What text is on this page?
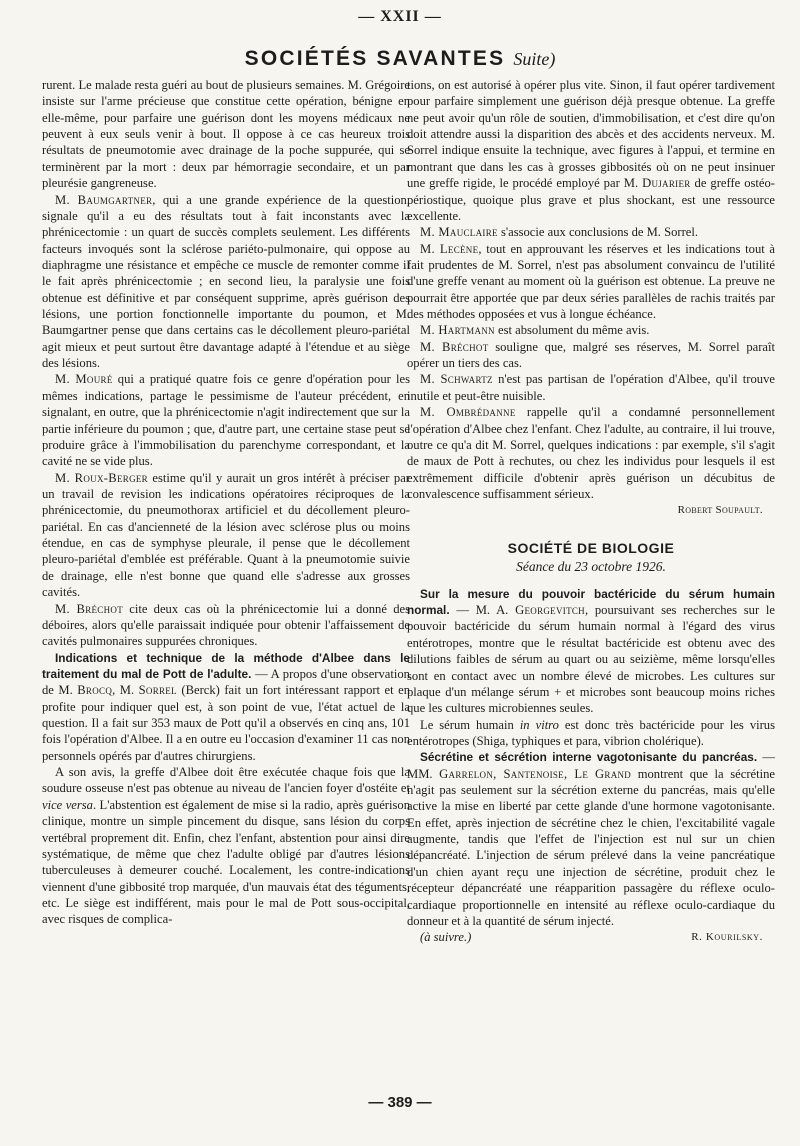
— XXII —
SOCIÉTÉS SAVANTES Suite)

rurent. Le malade resta guéri au bout de plusieurs semaines. M. Grégoire insiste sur l'arme précieuse que constitue cette opération, bénigne en elle-même, pour parfaire une guérison dont les moyens médicaux ne peuvent à eux seuls venir à bout. Il oppose à ce cas heureux trois résultats de pneumotomie avec drainage de la poche suppurée, qui se terminèrent par la mort : deux par hémorragie secondaire, et un par pleurésie gangreneuse.

M. Baumgartner, qui a une grande expérience de la question, signale qu'il a eu des résultats tout à fait inconstants avec la phrénicectomie : un quart de succès complets seulement. Les différents facteurs invoqués sont la sclérose pariéto-pulmonaire, qui oppose au diaphragme une résistance et empêche ce muscle de remonter comme il le fait après phrénicectomie ; en second lieu, la paralysie une fois obtenue est définitive et par conséquent supprime, après guérison des lésions, une portion fonctionnelle importante du poumon, et M. Baumgartner pense que dans certains cas le décollement pleuro-pariétal agit mieux et peut surtout être davantage adapté à l'étendue et au siège des lésions.

M. Mouré qui a pratiqué quatre fois ce genre d'opération pour les mêmes indications, partage le pessimisme de l'auteur précédent, en signalant, en outre, que la phrénicectomie n'agit indirectement que sur la partie inférieure du poumon ; que, d'autre part, une certaine stase peut se produire grâce à l'immobilisation du parenchyme correspondant, et la cavité ne se vide plus.

M. Roux-Berger estime qu'il y aurait un gros intérêt à préciser par un travail de revision les indications opératoires réciproques de la phrénicectomie, du pneumothorax artificiel et du décollement pleuro-pariétal. En cas d'ancienneté de la lésion avec sclérose plus ou moins étendue, en cas de symphyse pleurale, il pense que le décollement pleuro-pariétal d'emblée est préférable. Quant à la pneumotomie suivie de drainage, elle n'est bonne que quand elle s'adresse aux grosses cavités.

M. Bréchot cite deux cas où la phrénicectomie lui a donné des déboires, alors qu'elle paraissait indiquée pour obtenir l'affaissement de cavités pulmonaires suppurées chroniques.

Indications et technique de la méthode d'Albee dans le traitement du mal de Pott de l'adulte. — A propos d'une observation de M. Brocq, M. Sorrel (Berck) fait un fort intéressant rapport et en profite pour indiquer quel est, à son point de vue, l'état actuel de la question. Il a fait sur 353 maux de Pott qu'il a observés en cinq ans, 101 fois l'opération d'Albee. Il a en outre eu l'occasion d'examiner 11 cas non personnels opérés par d'autres chirurgiens.

A son avis, la greffe d'Albee doit être exécutée chaque fois que la soudure osseuse n'est pas obtenue au niveau de l'ancien foyer d'ostéite et vice versa. L'abstention est également de mise si la radio, après guérison clinique, montre un simple pincement du disque, sans lésion du corps vertébral proprement dit. Enfin, chez l'enfant, abstention pour ainsi dire systématique, de même que chez l'adulte obligé par d'autres lésions tuberculeuses à demeurer couché. Localement, les contre-indications viennent d'une gibbosité trop marquée, d'un mauvais état des téguments, etc. Le siège est indifférent, mais pour le mal de Pott sous-occipital, avec risques de complica-

tions, on est autorisé à opérer plus vite. Sinon, il faut opérer tardivement pour parfaire simplement une guérison déjà presque obtenue. La greffe ne peut avoir qu'un rôle de soutien, d'immobilisation, et c'est dire qu'on doit attendre aussi la disparition des abcès et des accidents nerveux. M. Sorrel indique ensuite la technique, avec figures à l'appui, et termine en montrant que dans les cas à grosses gibbosités où on ne peut insinuer une greffe rigide, le procédé employé par M. Dujarier de greffe ostéo-périostique, quoique plus grave et plus shockant, est une ressource excellente.

M. Mauclaire s'associe aux conclusions de M. Sorrel.

M. Lecène, tout en approuvant les réserves et les indications tout à fait prudentes de M. Sorrel, n'est pas absolument convaincu de l'utilité d'une greffe venant au moment où la guérison est obtenue. La preuve ne pourrait être apportée que par deux séries parallèles de rachis traités par des méthodes opposées et vus à longue échéance.

M. Hartmann est absolument du même avis.

M. Bréchot souligne que, malgré ses réserves, M. Sorrel paraît opérer un tiers des cas.

M. Schwartz n'est pas partisan de l'opération d'Albee, qu'il trouve inutile et peut-être nuisible.

M. Ombrédanne rappelle qu'il a condamné personnellement l'opération d'Albee chez l'enfant. Chez l'adulte, au contraire, il lui trouve, outre ce qu'a dit M. Sorrel, quelques indications : par exemple, s'il s'agit de maux de Pott à rechutes, ou chez les individus pour lesquels il est extrêmement difficile d'obtenir après guérison un décubitus de convalescence suffisamment sérieux.

Robert Soupault.

SOCIÉTÉ DE BIOLOGIE
Séance du 23 octobre 1926.

Sur la mesure du pouvoir bactéricide du sérum humain normal. — M. A. Georgevitch, poursuivant ses recherches sur le pouvoir bactéricide du sérum humain normal à l'égard des virus entérotropes, montre que le résultat bactéricide est obtenu avec des dilutions faibles de sérum au quart ou au seizième, même lorsqu'elles sont en contact avec un nombre élevé de microbes. Les cultures sur plaque d'un mélange sérum + et microbes sont beaucoup moins riches que les cultures microbiennes seules.

Le sérum humain in vitro est donc très bactéricide pour les virus entérotropes (Shiga, typhiques et para, vibrion cholérique).

Sécrétine et sécrétion interne vagotonisante du pancréas. — MM. Garrelon, Santenoise, Le Grand montrent que la sécrétine n'agit pas seulement sur la sécrétion externe du pancréas, mais qu'elle active la mise en liberté par cette glande d'une hormone vagotonisante. En effet, après injection de sécrétine chez le chien, l'excitabilité vagale augmente, tandis que l'effet de l'injection est nul sur un chien dépancréaté. L'injection de sérum prélevé dans la veine pancréatique d'un chien ayant reçu une injection de sécrétine, produit chez le récepteur dépancréaté une réapparition passagère du réflexe oculo-cardiaque proportionnelle en intensité au réflexe oculo-cardiaque du donneur et à la quantité de sérum injecté.

(à suivre.)	R. Kourilsky.
— 389 —
